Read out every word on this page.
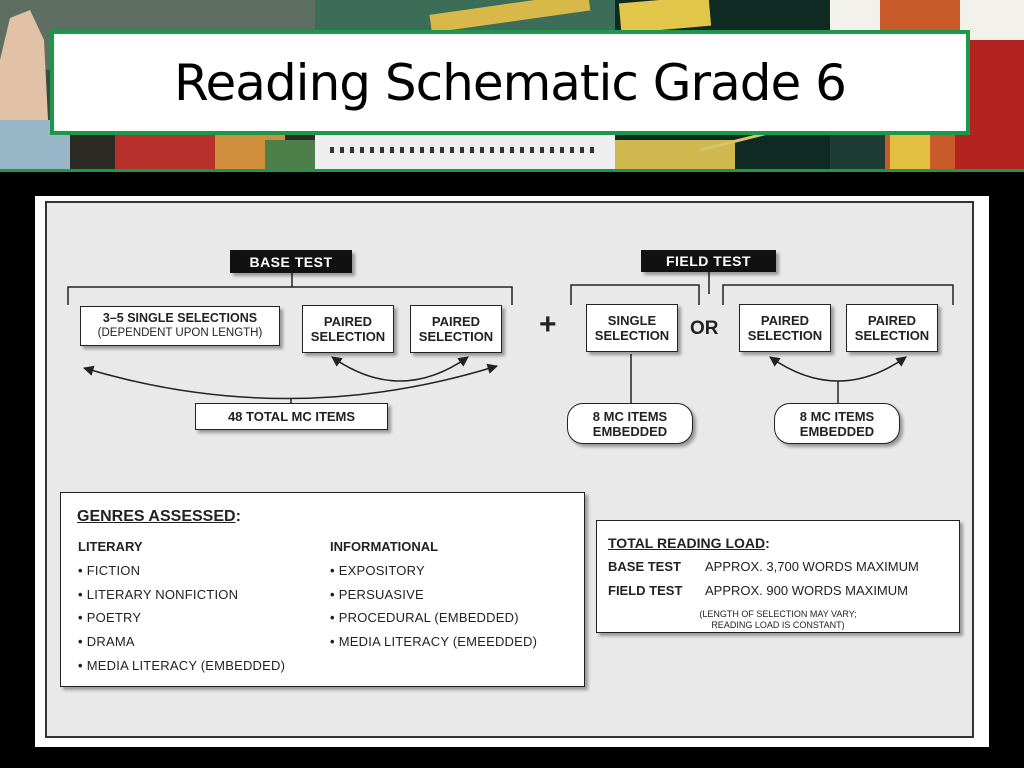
Reading Schematic Grade 6
BASE TEST
3–5 SINGLE SELECTIONS
(DEPENDENT UPON LENGTH)
PAIRED
SELECTION
PAIRED
SELECTION
48 TOTAL MC ITEMS
+
FIELD TEST
SINGLE
SELECTION OR	PAIRED
SELECTION
PAIRED
SELECTION
8 MC ITEMS
EMBEDDED
8 MC ITEMS
EMBEDDED
GENRES ASSESSED:
LITERARY
• FICTION
• LITERARY NONFICTION
• POETRY
• DRAMA
• MEDIA LITERACY (EMBEDDED)
INFORMATIONAL
• EXPOSITORY
• PERSUASIVE
• PROCEDURAL (EMBEDDED)
• MEDIA LITERACY (EMEEDDED)
TOTAL READING LOAD:
BASE TEST APPROX. 3,700 WORDS MAXIMUM
FIELD TEST APPROX. 900 WORDS MAXIMUM
(LENGTH OF SELECTION MAY VARY;
READING LOAD IS CONSTANT)
